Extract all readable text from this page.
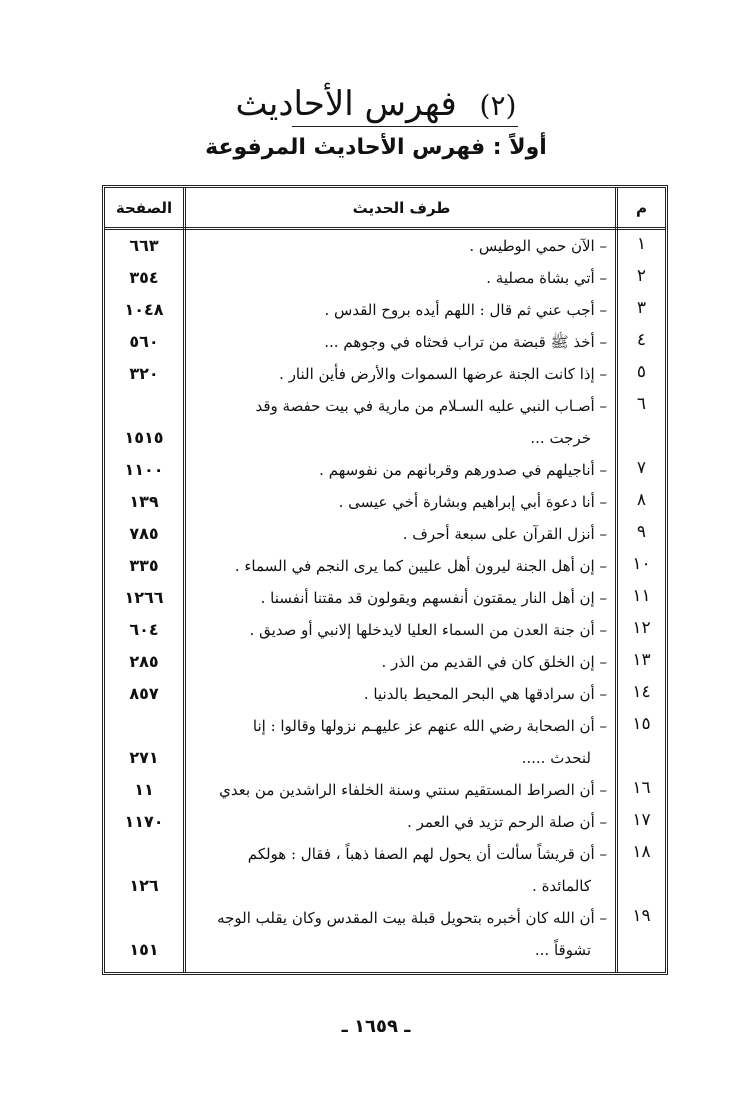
(٢) فهرس الأحاديث
أولاً : فهرس الأحاديث المرفوعة
م
طرف الحديث
الصفحة
١
– الآن حمي الوطيس .
٦٦٣
٢
– أتي بشاة مصلية .
٣٥٤
٣
– أجب عني ثم قال : اللهم أيده بروح القدس .
١٠٤٨
٤
– أخذ ﷺ قبضة من تراب فحثاه في وجوهم ...
٥٦٠
٥
– إذا كانت الجنة عرضها السموات والأرض فأين النار .
٣٢٠
٦
– أصـاب النبي عليه السـلام من مارية في بيت حفصة وقد
خرجت ...
١٥١٥
٧
– أناجيلهم في صدورهم وقربانهم من نفوسهم .
١١٠٠
٨
– أنا دعوة أبي إبراهيم وبشارة أخي عيسى .
١٣٩
٩
– أنزل القرآن على سبعة أحرف .
٧٨٥
١٠
– إن أهل الجنة ليرون أهل عليين كما يرى النجم في السماء .
٣٣٥
١١
– إن أهل النار يمقتون أنفسهم ويقولون قد مقتنا أنفسنا .
١٢٦٦
١٢
– أن جنة العدن من السماء العليا لايدخلها إلانبي أو صديق .
٦٠٤
١٣
– إن الخلق كان في القديم من الذر .
٢٨٥
١٤
– أن سرادقها هي البحر المحيط بالدنيا .
٨٥٧
١٥
– أن الصحابة رضي الله عنهم عز عليهـم نزولها وقالوا : إنا
لنحدث .....
٢٧١
١٦
– أن الصراط المستقيم سنتي وسنة الخلفاء الراشدين من بعدي
١١
١٧
– أن صلة الرحم تزيد في العمر .
١١٧٠
١٨
– أن قريشاً سألت أن يحول لهم الصفا ذهباً ، فقال : هولكم
كالمائدة .
١٢٦
١٩
– أن الله كان أخبره بتحويل قبلة بيت المقدس وكان يقلب الوجه
تشوقاً ...
١٥١
ـ ١٦٥٩ ـ
